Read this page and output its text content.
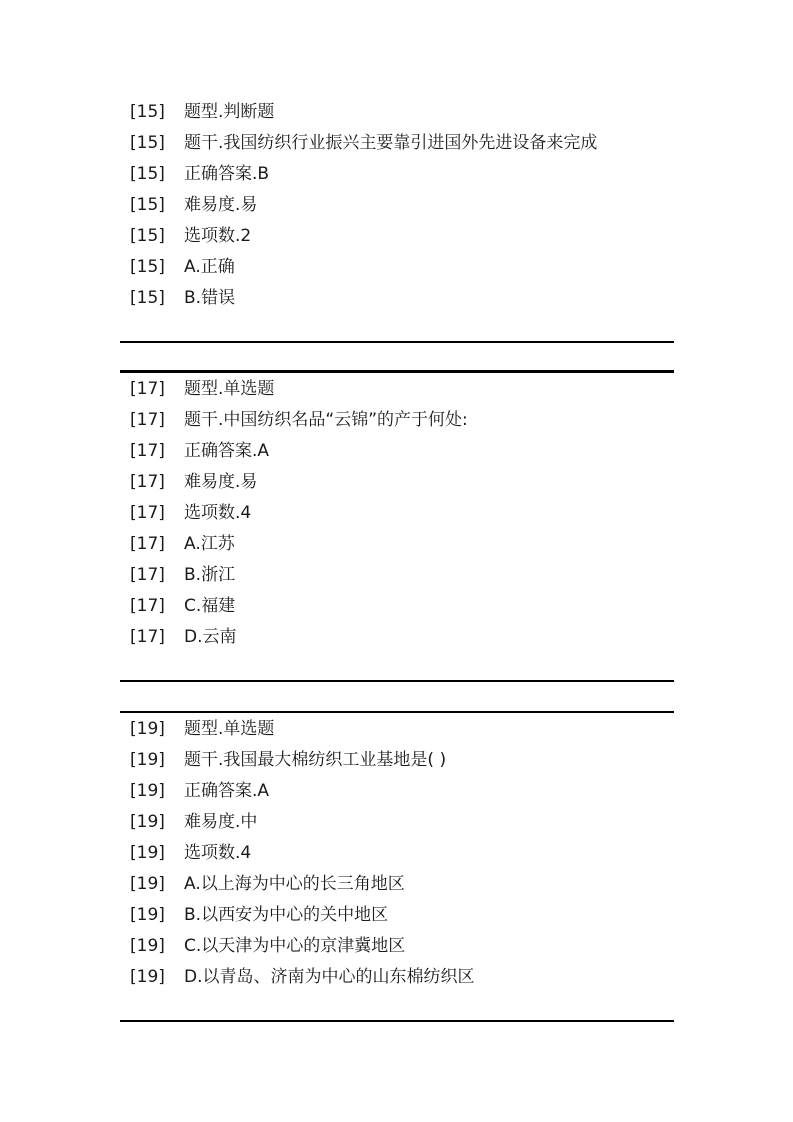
[15] 题型.判断题
[15] 题干.我国纺织行业振兴主要靠引进国外先进设备来完成
[15] 正确答案.B
[15] 难易度.易
[15] 选项数.2
[15] A.正确
[15] B.错误
[17] 题型.单选题
[17] 题干.中国纺织名品“云锦”的产于何处:
[17] 正确答案.A
[17] 难易度.易
[17] 选项数.4
[17] A.江苏
[17] B.浙江
[17] C.福建
[17] D.云南
[19] 题型.单选题
[19] 题干.我国最大棉纺织工业基地是( )
[19] 正确答案.A
[19] 难易度.中
[19] 选项数.4
[19] A.以上海为中心的长三角地区
[19] B.以西安为中心的关中地区
[19] C.以天津为中心的京津冀地区
[19] D.以青岛、济南为中心的山东棉纺织区
